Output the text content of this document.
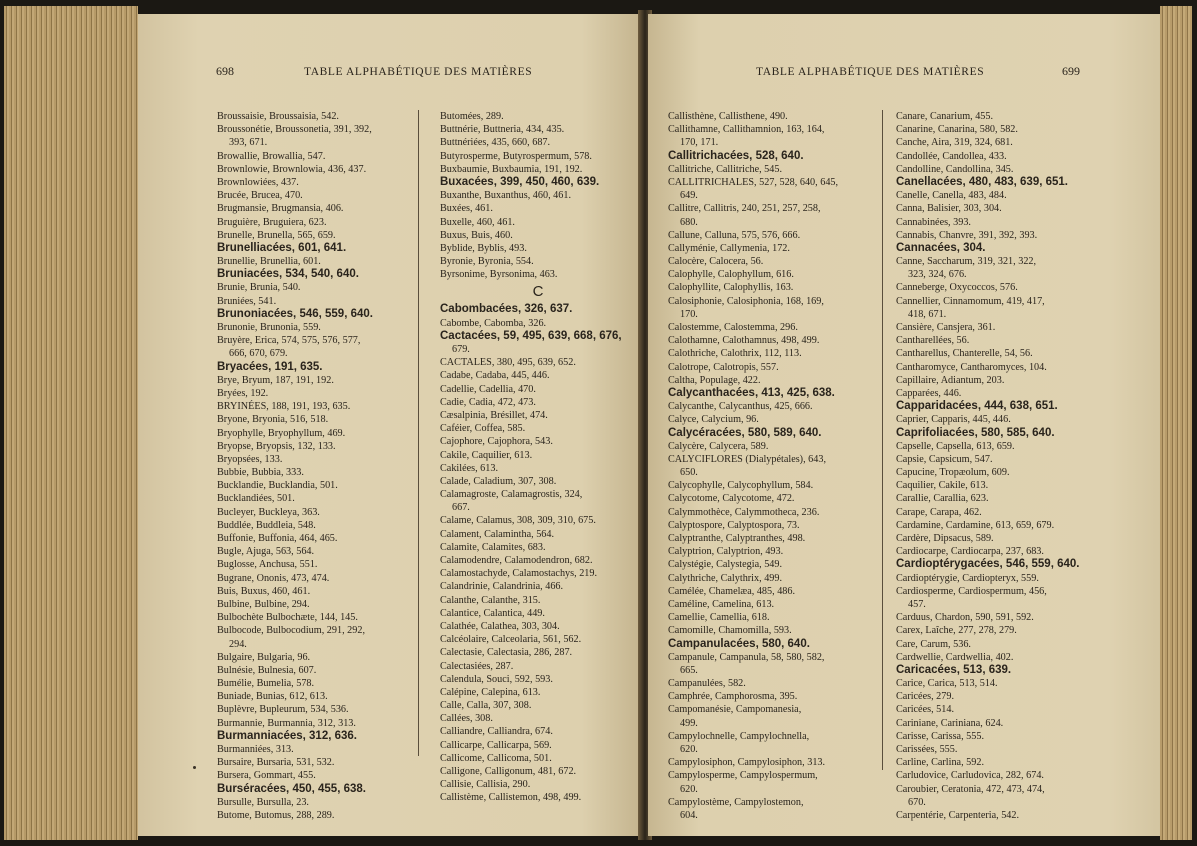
698	TABLE ALPHABÉTIQUE DES MATIÈRES
Broussaisie, Broussaisia, 542.
Broussonétie, Broussonetia, 391, 392,
393, 671.
Browallie, Browallia, 547.
Brownlowie, Brownlowia, 436, 437.
Brownlowiées, 437.
Brucée, Brucea, 470.
Brugmansie, Brugmansia, 406.
Bruguière, Bruguiera, 623.
Brunelle, Brunella, 565, 659.
Brunelliacées, 601, 641.
Brunellie, Brunellia, 601.
Bruniacées, 534, 540, 640.
Brunie, Brunia, 540.
Bruniées, 541.
Brunoniacées, 546, 559, 640.
Brunonie, Brunonia, 559.
Bruyère, Erica, 574, 575, 576, 577,
666, 670, 679.
Bryacées, 191, 635.
Brye, Bryum, 187, 191, 192.
Bryées, 192.
BRYINÉES, 188, 191, 193, 635.
Bryone, Bryonia, 516, 518.
Bryophylle, Bryophyllum, 469.
Bryopse, Bryopsis, 132, 133.
Bryopsées, 133.
Bubbie, Bubbia, 333.
Bucklandie, Bucklandia, 501.
Bucklandiées, 501.
Bucleyer, Buckleya, 363.
Buddlée, Buddleia, 548.
Buffonie, Buffonia, 464, 465.
Bugle, Ajuga, 563, 564.
Buglosse, Anchusa, 551.
Bugrane, Ononis, 473, 474.
Buis, Buxus, 460, 461.
Bulbine, Bulbine, 294.
Bulbochète Bulbochæte, 144, 145.
Bulbocode, Bulbocodium, 291, 292,
294.
Bulgaire, Bulgaria, 96.
Bulnésie, Bulnesia, 607.
Bumélie, Bumelia, 578.
Buniade, Bunias, 612, 613.
Buplèvre, Bupleurum, 534, 536.
Burmannie, Burmannia, 312, 313.
Burmanniacées, 312, 636.
Burmanniées, 313.
Bursaire, Bursaria, 531, 532.
Bursera, Gommart, 455.
Burséracées, 450, 455, 638.
Bursulle, Bursulla, 23.
Butome, Butomus, 288, 289.
Butomées, 289.
Buttnérie, Buttneria, 434, 435.
Buttnériées, 435, 660, 687.
Butyrosperme, Butyrospermum, 578.
Buxbaumie, Buxbaumia, 191, 192.
Buxacées, 399, 450, 460, 639.
Buxanthe, Buxanthus, 460, 461.
Buxées, 461.
Buxelle, 460, 461.
Buxus, Buis, 460.
Byblide, Byblis, 493.
Byronie, Byronia, 554.
Byrsonime, Byrsonima, 463.
C
Cabombacées, 326, 637.
Cabombe, Cabomba, 326.
Cactacées, 59, 495, 639, 668, 676,
679.
CACTALES, 380, 495, 639, 652.
Cadabe, Cadaba, 445, 446.
Cadellie, Cadellia, 470.
Cadie, Cadia, 472, 473.
Cæsalpinia, Brésillet, 474.
Caféier, Coffea, 585.
Cajophore, Cajophora, 543.
Cakile, Caquilier, 613.
Cakilées, 613.
Calade, Caladium, 307, 308.
Calamagroste, Calamagrostis, 324,
667.
Calame, Calamus, 308, 309, 310, 675.
Calament, Calamintha, 564.
Calamite, Calamites, 683.
Calamodendre, Calamodendron, 682.
Calamostachyde, Calamostachys, 219.
Calandrinie, Calandrinia, 466.
Calanthe, Calanthe, 315.
Calantice, Calantica, 449.
Calathée, Calathea, 303, 304.
Calcéolaire, Calceolaria, 561, 562.
Calectasie, Calectasia, 286, 287.
Calectasiées, 287.
Calendula, Souci, 592, 593.
Calépine, Calepina, 613.
Calle, Calla, 307, 308.
Callées, 308.
Calliandre, Calliandra, 674.
Callicarpe, Callicarpa, 569.
Callicome, Callicoma, 501.
Calligone, Calligonum, 481, 672.
Callisie, Callisia, 290.
Callistème, Callistemon, 498, 499.
TABLE ALPHABÉTIQUE DES MATIÈRES	699
Callisthène, Callisthene, 490.
Callithamne, Callithamnion, 163, 164,
170, 171.
Callitrichacées, 528, 640.
Callitriche, Callitriche, 545.
CALLITRICHALES, 527, 528, 640, 645,
649.
Callitre, Callitris, 240, 251, 257, 258,
680.
Callune, Calluna, 575, 576, 666.
Callyménie, Callymenia, 172.
Calocère, Calocera, 56.
Calophylle, Calophyllum, 616.
Calophyllite, Calophyllis, 163.
Calosiphonie, Calosiphonia, 168, 169,
170.
Calostemme, Calostemma, 296.
Calothamne, Calothamnus, 498, 499.
Calothriche, Calothrix, 112, 113.
Calotrope, Calotropis, 557.
Caltha, Populage, 422.
Calycanthacées, 413, 425, 638.
Calycanthe, Calycanthus, 425, 666.
Calyce, Calycium, 96.
Calycéracées, 580, 589, 640.
Calycère, Calycera, 589.
CALYCIFLORES (Dialypétales), 643,
650.
Calycophylle, Calycophyllum, 584.
Calycotome, Calycotome, 472.
Calymmothèce, Calymmotheca, 236.
Calyptospore, Calyptospora, 73.
Calyptranthe, Calyptranthes, 498.
Calyptrion, Calyptrion, 493.
Calystégie, Calystegia, 549.
Calythriche, Calythrix, 499.
Camélée, Chamelæa, 485, 486.
Caméline, Camelina, 613.
Camellie, Camellia, 618.
Camomille, Chamomilla, 593.
Campanulacées, 580, 640.
Campanule, Campanula, 58, 580, 582,
665.
Campanulées, 582.
Camphrée, Camphorosma, 395.
Campomanésie, Campomanesia,
499.
Campylochnelle, Campylochnella,
620.
Campylosiphon, Campylosiphon, 313.
Campylosperme, Campylospermum,
620.
Campylostème, Campylostemon,
604.
Canare, Canarium, 455.
Canarine, Canarina, 580, 582.
Canche, Aira, 319, 324, 681.
Candollée, Candollea, 433.
Candolline, Candollina, 345.
Canellacées, 480, 483, 639, 651.
Canelle, Canella, 483, 484.
Canna, Balisier, 303, 304.
Cannabinées, 393.
Cannabis, Chanvre, 391, 392, 393.
Cannacées, 304.
Canne, Saccharum, 319, 321, 322,
323, 324, 676.
Canneberge, Oxycoccos, 576.
Cannellier, Cinnamomum, 419, 417,
418, 671.
Cansière, Cansjera, 361.
Cantharellées, 56.
Cantharellus, Chanterelle, 54, 56.
Cantharomyce, Cantharomyces, 104.
Capillaire, Adiantum, 203.
Capparées, 446.
Capparidacées, 444, 638, 651.
Caprier, Capparis, 445, 446.
Caprifoliacées, 580, 585, 640.
Capselle, Capsella, 613, 659.
Capsie, Capsicum, 547.
Capucine, Tropæolum, 609.
Caquilier, Cakile, 613.
Carallie, Carallia, 623.
Carape, Carapa, 462.
Cardamine, Cardamine, 613, 659, 679.
Cardère, Dipsacus, 589.
Cardiocarpe, Cardiocarpa, 237, 683.
Cardioptérygacées, 546, 559, 640.
Cardioptérygie, Cardiopteryx, 559.
Cardiosperme, Cardiospermum, 456,
457.
Carduus, Chardon, 590, 591, 592.
Carex, Laîche, 277, 278, 279.
Care, Carum, 536.
Cardwellie, Cardwellia, 402.
Caricacées, 513, 639.
Carice, Carica, 513, 514.
Caricées, 279.
Caricées, 514.
Cariniane, Cariniana, 624.
Carisse, Carissa, 555.
Carissées, 555.
Carline, Carlina, 592.
Carludovice, Carludovica, 282, 674.
Caroubier, Ceratonia, 472, 473, 474,
670.
Carpentérie, Carpenteria, 542.
